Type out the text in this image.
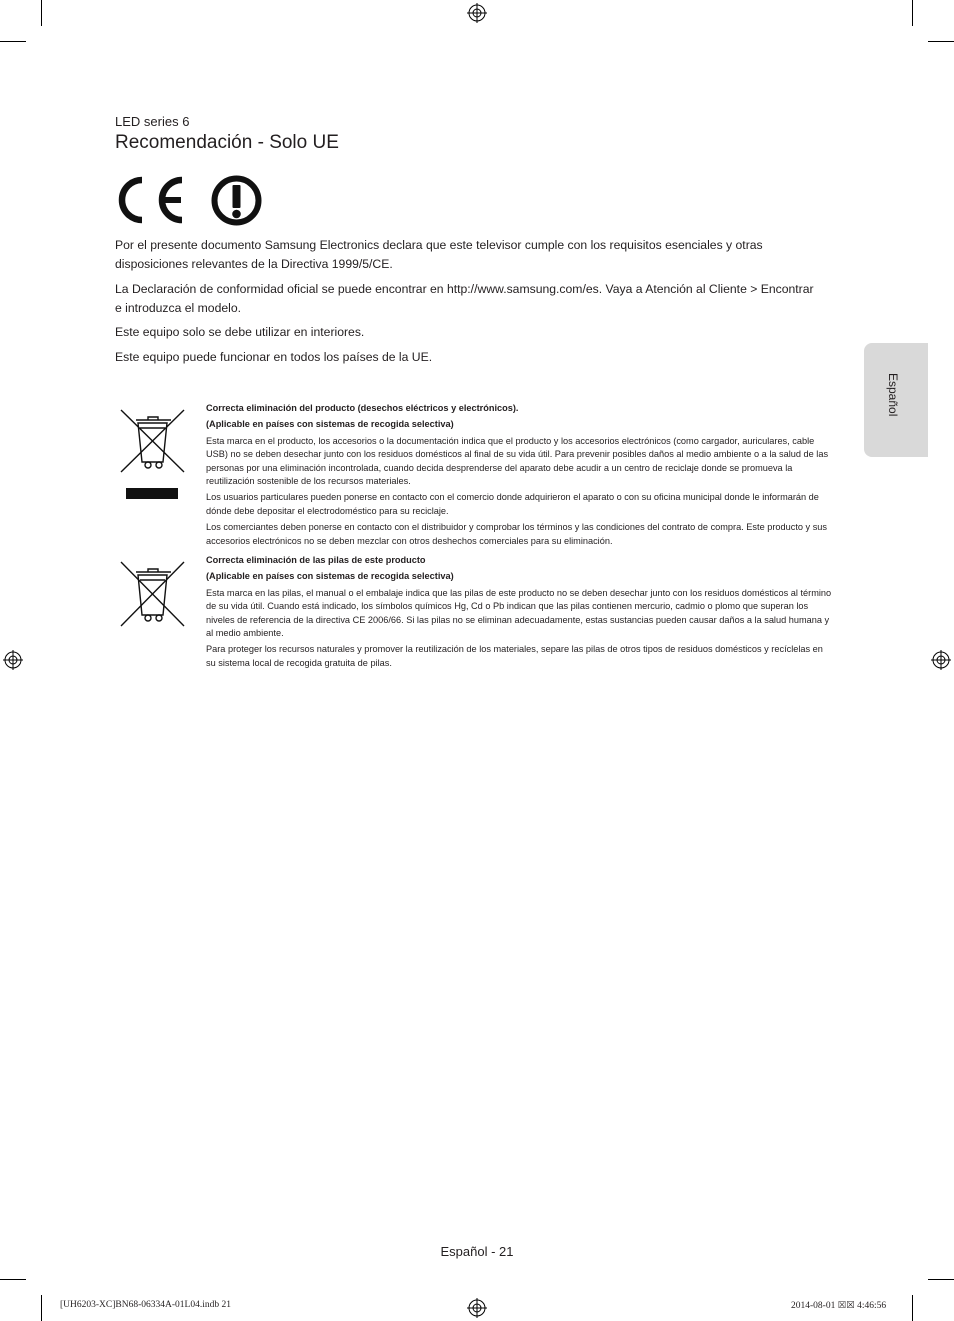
LED series 6
Recomendación - Solo UE

Por el presente documento Samsung Electronics declara que este televisor cumple con los requisitos esenciales y otras disposiciones relevantes de la Directiva 1999/5/CE.

La Declaración de conformidad oficial se puede encontrar en http://www.samsung.com/es. Vaya a Atención al Cliente > Encontrar e introduzca el modelo.

Este equipo solo se debe utilizar en interiores.

Este equipo puede funcionar en todos los países de la UE.

Español
Correcta eliminación del producto (desechos eléctricos y electrónicos).
(Aplicable en países con sistemas de recogida selectiva)
Esta marca en el producto, los accesorios o la documentación indica que el producto y los accesorios electrónicos (como cargador, auriculares, cable USB) no se deben desechar junto con los residuos domésticos al final de su vida útil. Para prevenir posibles daños al medio ambiente o a la salud de las personas por una eliminación incontrolada, cuando decida desprenderse del aparato debe acudir a un centro de reciclaje donde se promueva la reutilización sostenible de los recursos materiales.
Los usuarios particulares pueden ponerse en contacto con el comercio donde adquirieron el aparato o con su oficina municipal donde le informarán de dónde debe depositar el electrodoméstico para su reciclaje.
Los comerciantes deben ponerse en contacto con el distribuidor y comprobar los términos y las condiciones del contrato de compra. Este producto y sus accesorios electrónicos no se deben mezclar con otros deshechos comerciales para su eliminación.
Correcta eliminación de las pilas de este producto
(Aplicable en países con sistemas de recogida selectiva)
Esta marca en las pilas, el manual o el embalaje indica que las pilas de este producto no se deben desechar junto con los residuos domésticos al término de su vida útil. Cuando está indicado, los símbolos químicos Hg, Cd o Pb indican que las pilas contienen mercurio, cadmio o plomo que superan los niveles de referencia de la directiva CE 2006/66. Si las pilas no se eliminan adecuadamente, estas sustancias pueden causar daños a la salud humana y al medio ambiente.
Para proteger los recursos naturales y promover la reutilización de los materiales, separe las pilas de otros tipos de residuos domésticos y recíclelas en su sistema local de recogida gratuita de pilas.
Español - 21
[UH6203-XC]BN68-06334A-01L04.indb 21	2014-08-01 ☒☒ 4:46:56
